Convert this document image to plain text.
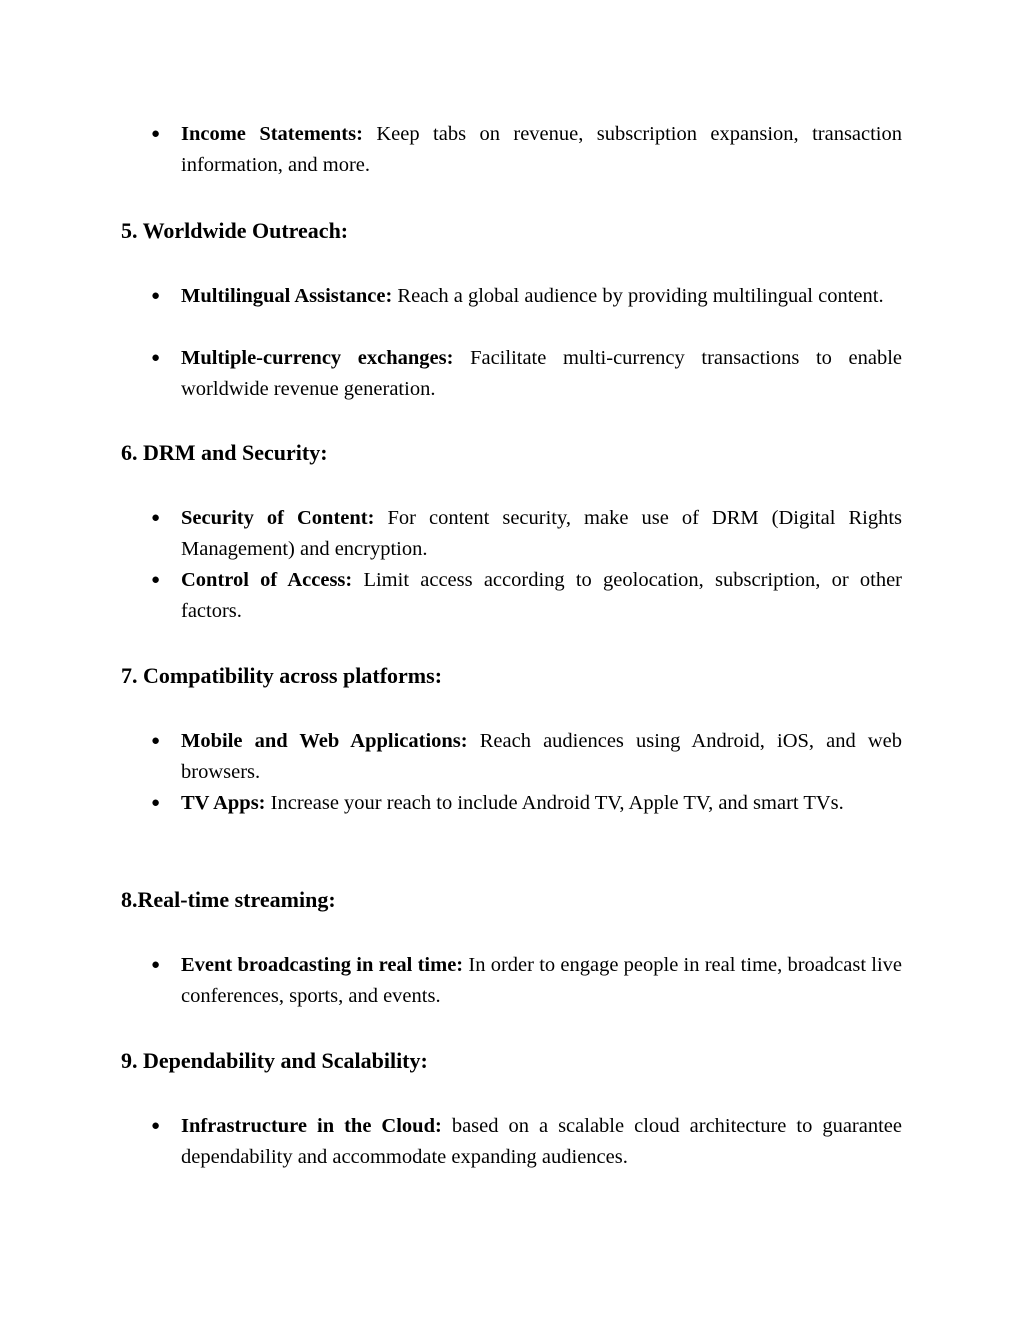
●	Income Statements: Keep tabs on revenue, subscription expansion, transaction information, and more.
5. Worldwide Outreach:
●	Multilingual Assistance: Reach a global audience by providing multilingual content.
●	Multiple-currency exchanges: Facilitate multi-currency transactions to enable worldwide revenue generation.
6. DRM and Security:
●	Security of Content: For content security, make use of DRM (Digital Rights Management) and encryption.
●	Control of Access: Limit access according to geolocation, subscription, or other factors.
7. Compatibility across platforms:
●	Mobile and Web Applications: Reach audiences using Android, iOS, and web browsers.
●	TV Apps: Increase your reach to include Android TV, Apple TV, and smart TVs.
8.Real-time streaming:
●	Event broadcasting in real time: In order to engage people in real time, broadcast live conferences, sports, and events.
9. Dependability and Scalability:
●	Infrastructure in the Cloud: based on a scalable cloud architecture to guarantee dependability and accommodate expanding audiences.
